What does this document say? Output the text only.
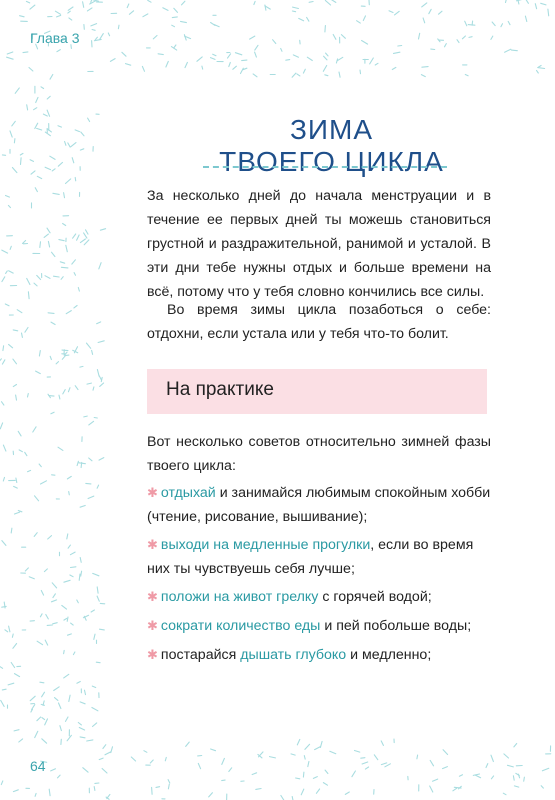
Глава 3
64
ЗИМА
ТВОЕГО ЦИКЛА

За несколько дней до начала менструации и в течение ее первых дней ты можешь становиться грустной и раздражительной, ранимой и усталой. В эти дни тебе нужны отдых и больше времени на всё, потому что у тебя словно кончились все силы.

Во время зимы цикла позаботься о себе: отдохни, если устала или у тебя что-то болит.

На практике

Вот несколько советов относительно зимней фазы твоего цикла:

✱ отдыхай и занимайся любимым спокойным хобби (чтение, рисование, вышивание);
✱ выходи на медленные прогулки, если во время них ты чувствуешь себя лучше;
✱ положи на живот грелку с горячей водой;
✱ сократи количество еды и пей побольше воды;
✱ постарайся дышать глубоко и медленно;
